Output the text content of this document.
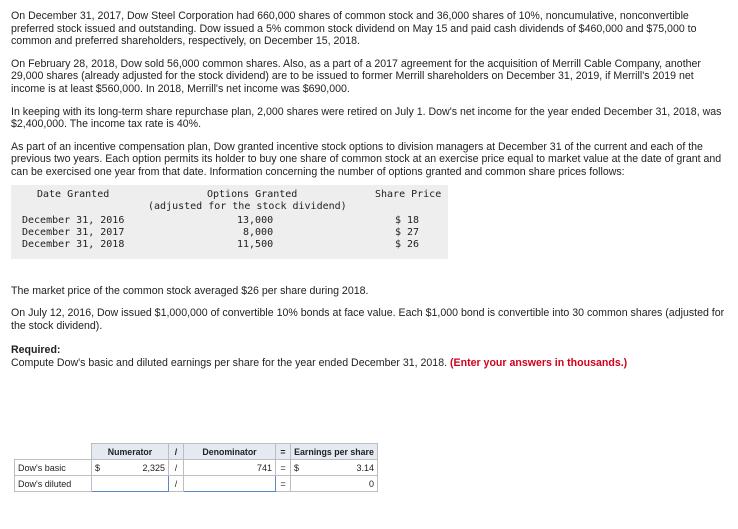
On December 31, 2017, Dow Steel Corporation had 660,000 shares of common stock and 36,000 shares of 10%, noncumulative, nonconvertible preferred stock issued and outstanding. Dow issued a 5% common stock dividend on May 15 and paid cash dividends of $460,000 and $75,000 to common and preferred shareholders, respectively, on December 15, 2018.

On February 28, 2018, Dow sold 56,000 common shares. Also, as a part of a 2017 agreement for the acquisition of Merrill Cable Company, another 29,000 shares (already adjusted for the stock dividend) are to be issued to former Merrill shareholders on December 31, 2019, if Merrill's 2019 net income is at least $560,000. In 2018, Merrill's net income was $690,000.

In keeping with its long-term share repurchase plan, 2,000 shares were retired on July 1. Dow's net income for the year ended December 31, 2018, was $2,400,000. The income tax rate is 40%.

As part of an incentive compensation plan, Dow granted incentive stock options to division managers at December 31 of the current and each of the previous two years. Each option permits its holder to buy one share of common stock at an exercise price equal to market value at the date of grant and can be exercised one year from that date. Information concerning the number of options granted and common share prices follows:

Date Granted	Options Granted
(adjusted for the stock dividend)
Share Price
December 31, 2016	13,000	$ 18
December 31, 2017	8,000	$ 27
December 31, 2018	11,500	$ 26

The market price of the common stock averaged $26 per share during 2018.

On July 12, 2016, Dow issued $1,000,000 of convertible 10% bonds at face value. Each $1,000 bond is convertible into 30 common shares (adjusted for the stock dividend).

Required:

Compute Dow's basic and diluted earnings per share for the year ended December 31, 2018. (Enter your answers in thousands.)

	Numerator	/	Denominator	=	Earnings per share
Dow's basic	$ 2,325	/	741	=	$ 3.14

Dow's diluted		/		=	0
